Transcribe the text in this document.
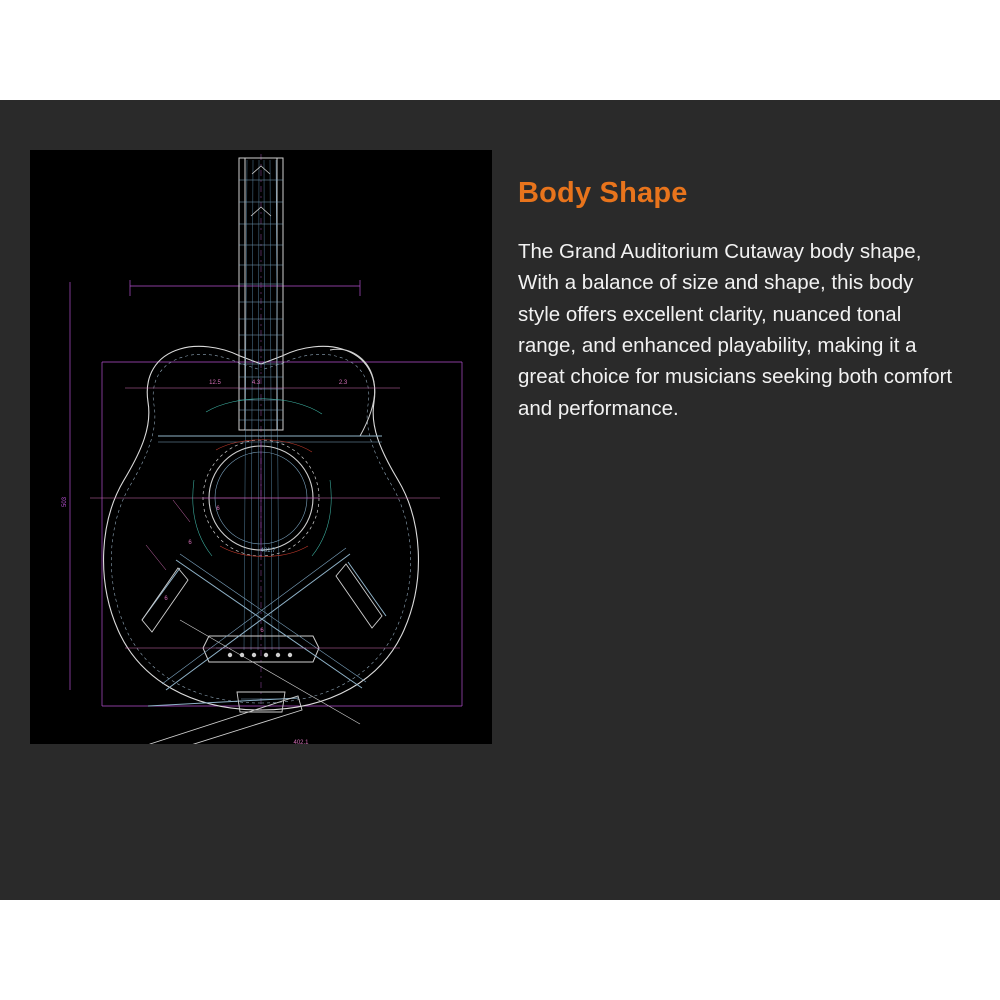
12.5	4.3	2.3
6
6
6
6
402.1
503
401.7
Body Shape

The Grand Auditorium Cutaway body shape, With a balance of size and shape, this body style offers excellent clarity, nuanced tonal range, and enhanced playability, making it a great choice for musicians seeking both comfort and performance.
